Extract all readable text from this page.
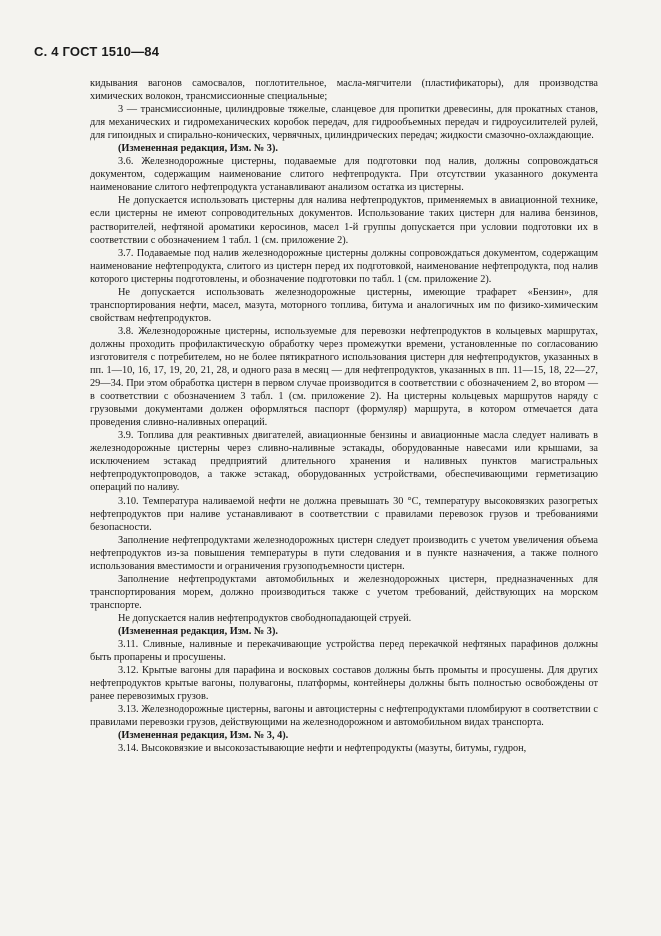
С. 4 ГОСТ 1510—84

кидывания вагонов самосвалов, поглотительное, масла-мягчители (пластификаторы), для производства химических волокон, трансмиссионные специальные;

3 — трансмиссионные, цилиндровые тяжелые, сланцевое для пропитки древесины, для прокатных станов, для механических и гидромеханических коробок передач, для гидрообъемных передач и гидроусилителей рулей, для гипоидных и спирально-конических, червячных, цилиндрических передач; жидкости смазочно-охлаждающие.

(Измененная редакция, Изм. № 3).

3.6. Железнодорожные цистерны, подаваемые для подготовки под налив, должны сопровождаться документом, содержащим наименование слитого нефтепродукта. При отсутствии указанного документа наименование слитого нефтепродукта устанавливают анализом остатка из цистерны.

Не допускается использовать цистерны для налива нефтепродуктов, применяемых в авиационной технике, если цистерны не имеют сопроводительных документов. Использование таких цистерн для налива бензинов, растворителей, нефтяной ароматики керосинов, масел 1-й группы допускается при условии подготовки их в соответствии с обозначением 1 табл. 1 (см. приложение 2).

3.7. Подаваемые под налив железнодорожные цистерны должны сопровождаться документом, содержащим наименование нефтепродукта, слитого из цистерн перед их подготовкой, наименование нефтепродукта, под налив которого цистерны подготовлены, и обозначение подготовки по табл. 1 (см. приложение 2).

Не допускается использовать железнодорожные цистерны, имеющие трафарет «Бензин», для транспортирования нефти, масел, мазута, моторного топлива, битума и аналогичных им по физико-химическим свойствам нефтепродуктов.

3.8. Железнодорожные цистерны, используемые для перевозки нефтепродуктов в кольцевых маршрутах, должны проходить профилактическую обработку через промежутки времени, установленные по согласованию изготовителя с потребителем, но не более пятикратного использования цистерн для нефтепродуктов, указанных в пп. 1—10, 16, 17, 19, 20, 21, 28, и одного раза в месяц — для нефтепродуктов, указанных в пп. 11—15, 18, 22—27, 29—34. При этом обработка цистерн в первом случае производится в соответствии с обозначением 2, во втором — в соответствии с обозначением 3 табл. 1 (см. приложение 2). На цистерны кольцевых маршрутов наряду с грузовыми документами должен оформляться паспорт (формуляр) маршрута, в котором отмечается дата проведения сливно-наливных операций.

3.9. Топлива для реактивных двигателей, авиационные бензины и авиационные масла следует наливать в железнодорожные цистерны через сливно-наливные эстакады, оборудованные навесами или крышами, за исключением эстакад предприятий длительного хранения и наливных пунктов магистральных нефтепродуктопроводов, а также эстакад, оборудованных устройствами, обеспечивающими герметизацию операций по наливу.

3.10. Температура наливаемой нефти не должна превышать 30 °С, температуру высоковязких разогретых нефтепродуктов при наливе устанавливают в соответствии с правилами перевозок грузов и требованиями безопасности.

Заполнение нефтепродуктами железнодорожных цистерн следует производить с учетом увеличения объема нефтепродуктов из-за повышения температуры в пути следования и в пункте назначения, а также полного использования вместимости и ограничения грузоподъемности цистерн.

Заполнение нефтепродуктами автомобильных и железнодорожных цистерн, предназначенных для транспортирования морем, должно производиться также с учетом требований, действующих на морском транспорте.

Не допускается налив нефтепродуктов свободнопадающей струей.

(Измененная редакция, Изм. № 3).

3.11. Сливные, наливные и перекачивающие устройства перед перекачкой нефтяных парафинов должны быть пропарены и просушены.

3.12. Крытые вагоны для парафина и восковых составов должны быть промыты и просушены. Для других нефтепродуктов крытые вагоны, полувагоны, платформы, контейнеры должны быть полностью освобождены от ранее перевозимых грузов.

3.13. Железнодорожные цистерны, вагоны и автоцистерны с нефтепродуктами пломбируют в соответствии с правилами перевозки грузов, действующими на железнодорожном и автомобильном видах транспорта.

(Измененная редакция, Изм. № 3, 4).

3.14. Высоковязкие и высокозастывающие нефти и нефтепродукты (мазуты, битумы, гудрон,
